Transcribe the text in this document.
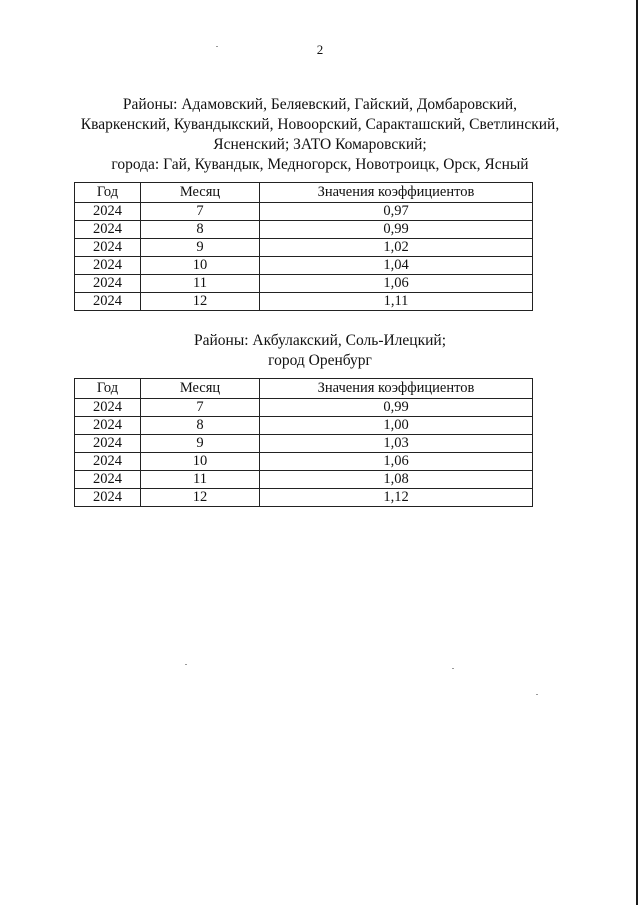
2
Районы: Адамовский, Беляевский, Гайский, Домбаровский,
Кваркенский, Кувандыкский, Новоорский, Саракташский, Светлинский,
Ясненский; ЗАТО Комаровский;
города: Гай, Кувандык, Медногорск, Новотроицк, Орск, Ясный
Год	Месяц	Значения коэффициентов
2024	7	0,97
2024	8	0,99
2024	9	1,02
2024	10	1,04
2024	11	1,06
2024	12	1,11
Районы: Акбулакский, Соль-Илецкий;
город Оренбург
Год	Месяц	Значения коэффициентов
2024	7	0,99
2024	8	1,00
2024	9	1,03
2024	10	1,06
2024	11	1,08
2024	12	1,12
